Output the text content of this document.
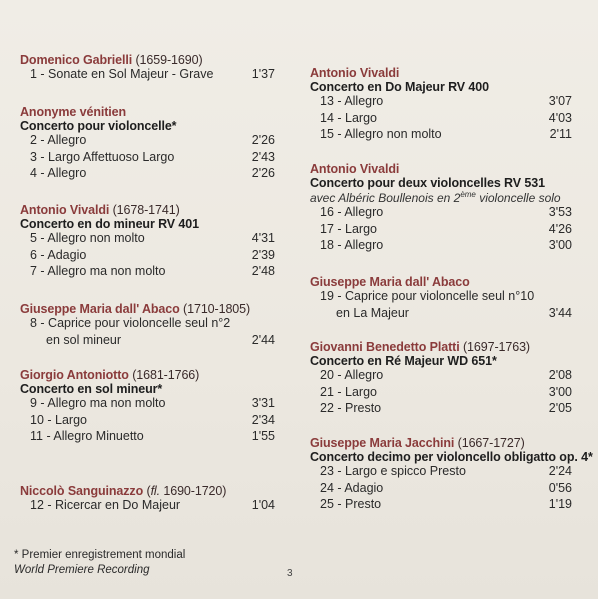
Domenico Gabrielli (1659-1690)
1 - Sonate en Sol Majeur - Grave	1'37
Anonyme vénitien
Concerto pour violoncelle*
2 - Allegro	2'26
3 - Largo Affettuoso Largo	2'43
4 - Allegro	2'26
Antonio Vivaldi (1678-1741)
Concerto en do mineur RV 401
5 - Allegro non molto	4'31
6 - Adagio	2'39
7 - Allegro ma non molto	2'48
Giuseppe Maria dall' Abaco (1710-1805)
8 - Caprice pour violoncelle seul n°2
en sol mineur	2'44
Giorgio Antoniotto (1681-1766)
Concerto en sol mineur*
9 - Allegro ma non molto	3'31
10 - Largo	2'34
11 - Allegro Minuetto	1'55
Niccolò Sanguinazzo (fl. 1690-1720)
12 - Ricercar en Do Majeur	1'04
Antonio Vivaldi
Concerto en Do Majeur RV 400
13 - Allegro	3'07
14 - Largo	4'03
15 - Allegro non molto	2'11
Antonio Vivaldi
Concerto pour deux violoncelles RV 531
avec Albéric Boullenois en 2ème violoncelle solo
16 - Allegro	3'53
17 - Largo	4'26
18 - Allegro	3'00
Giuseppe Maria dall' Abaco
19 - Caprice pour violoncelle seul n°10
en La Majeur	3'44
Giovanni Benedetto Platti (1697-1763)
Concerto en Ré Majeur WD 651*
20 - Allegro	2'08
21 - Largo	3'00
22 - Presto	2'05
Giuseppe Maria Jacchini (1667-1727)
Concerto decimo per violoncello obligatto op. 4*
23 - Largo e spicco Presto	2'24
24 - Adagio	0'56
25 - Presto	1'19
* Premier enregistrement mondial
World Premiere Recording	3
